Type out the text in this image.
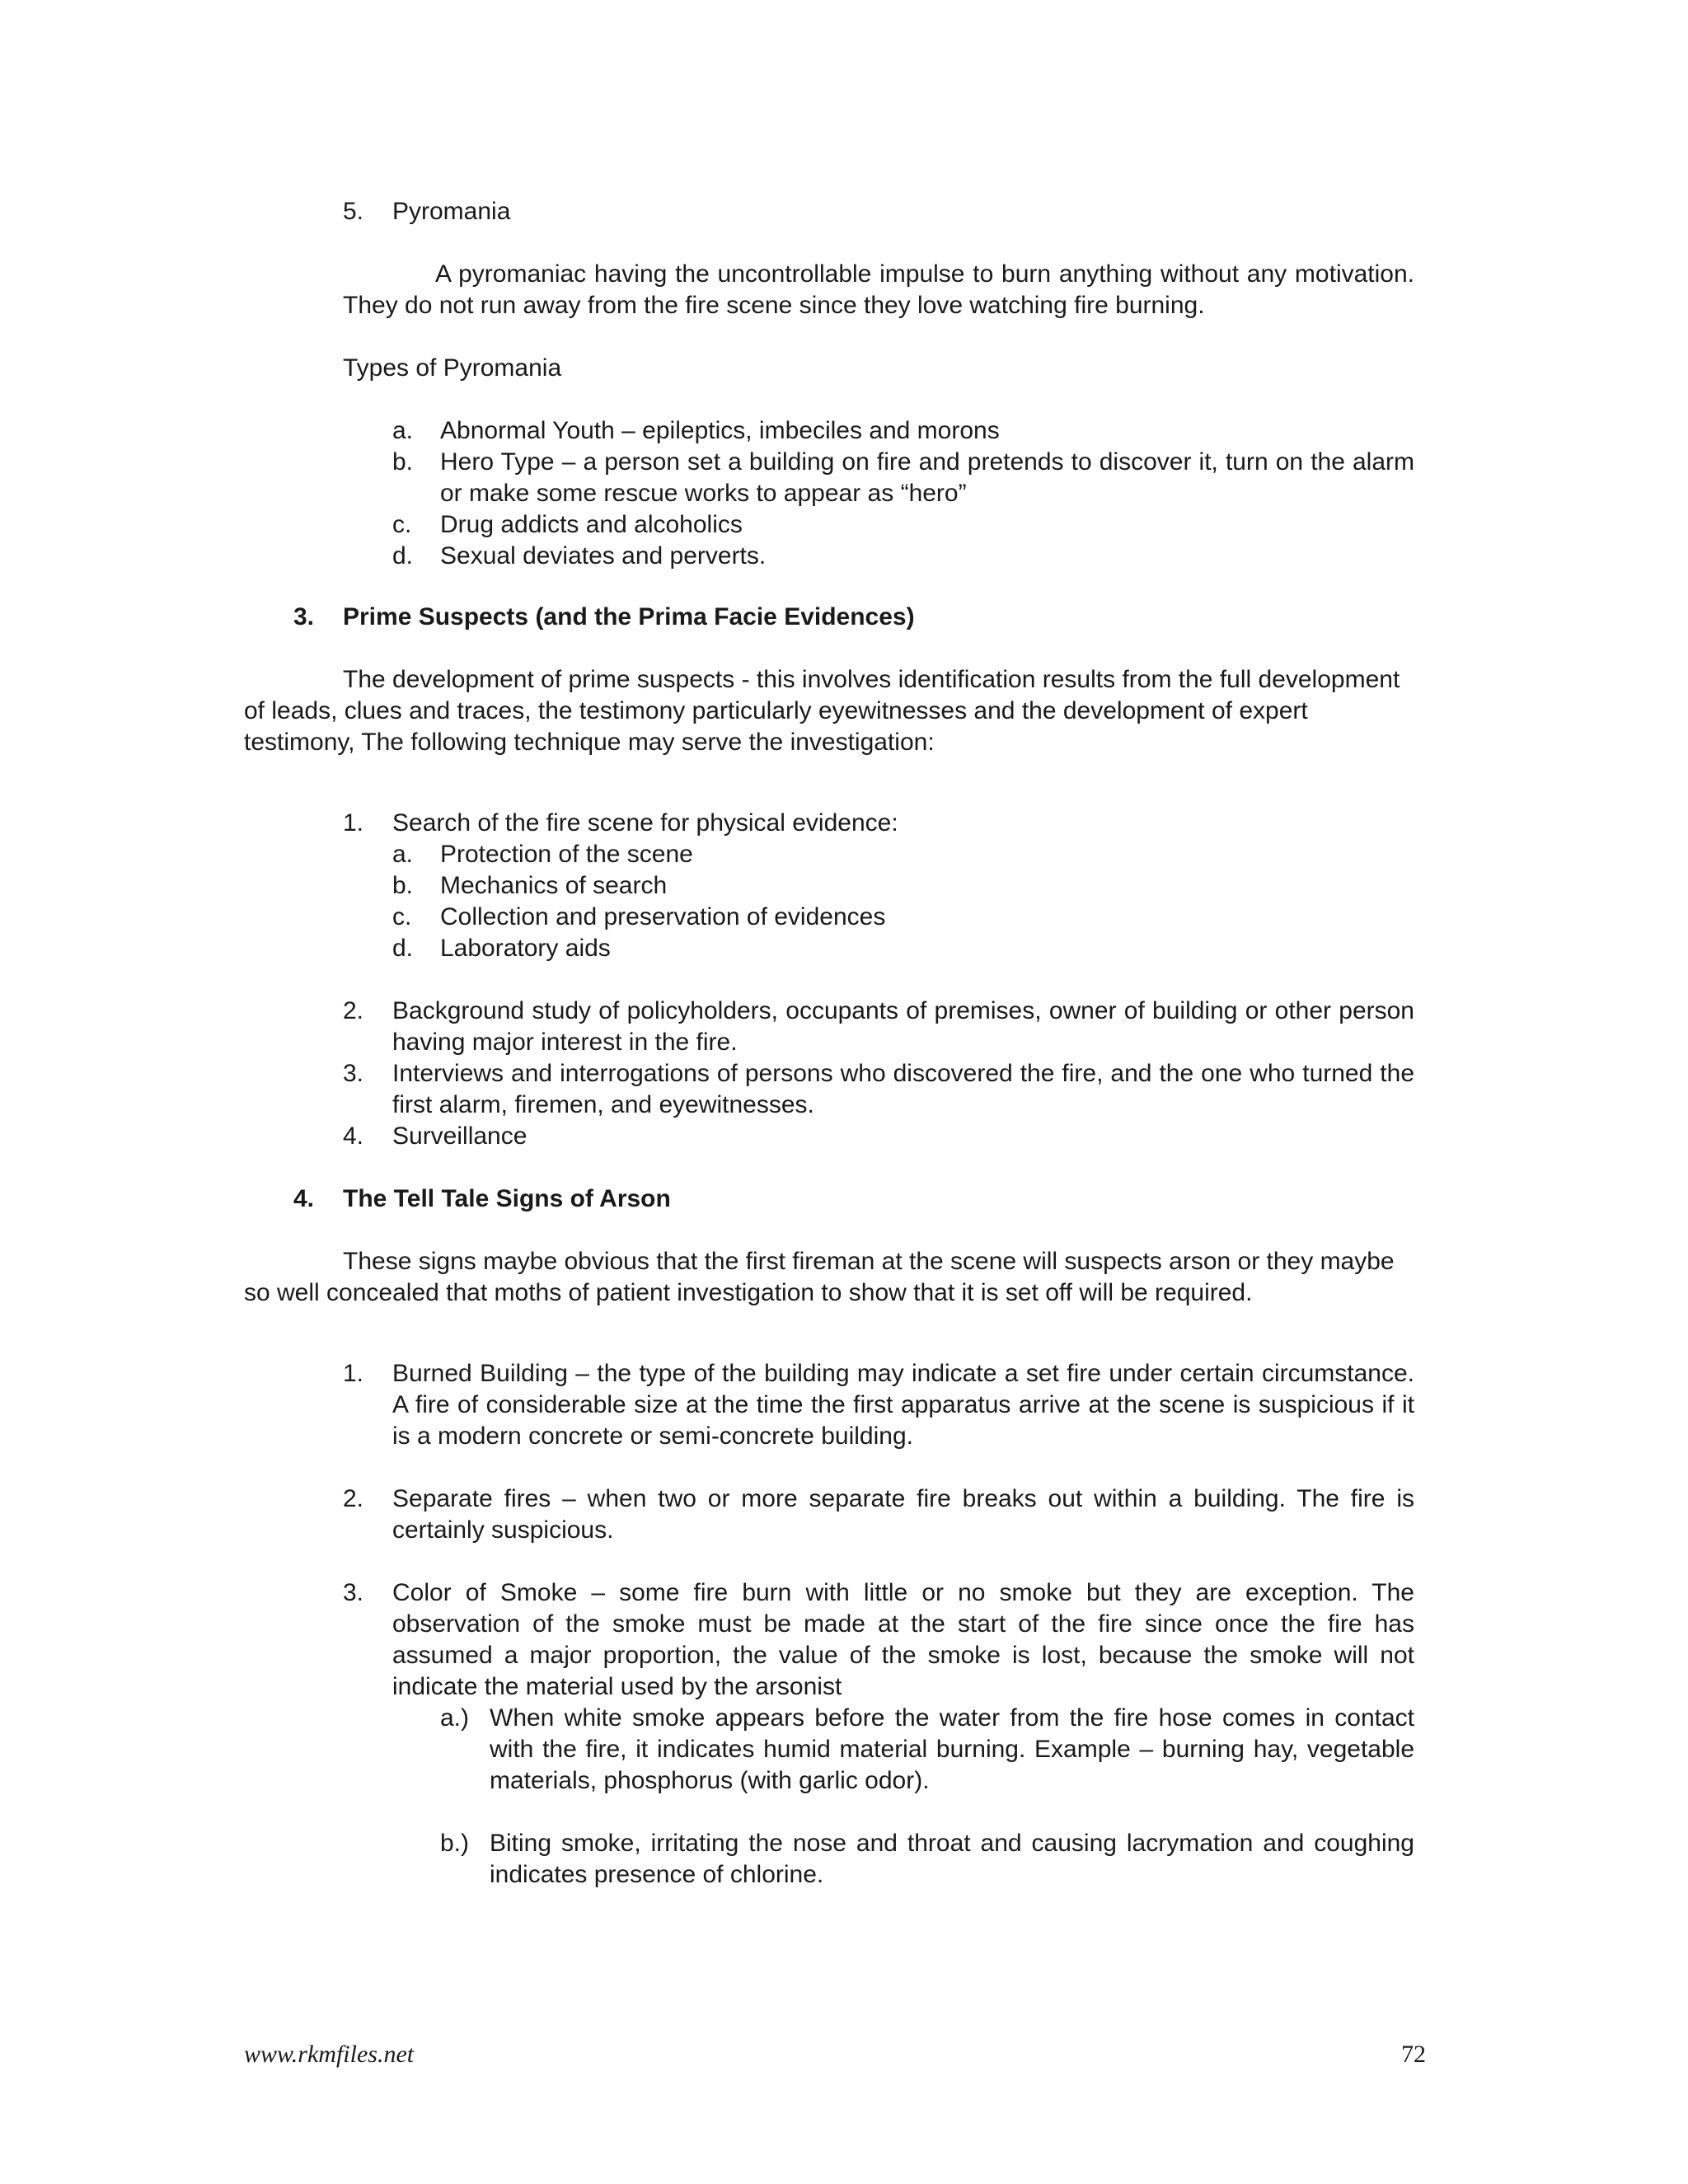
5. Pyromania
A pyromaniac having the uncontrollable impulse to burn anything without any motivation. They do not run away from the fire scene since they love watching fire burning.
Types of Pyromania
a. Abnormal Youth – epileptics, imbeciles and morons
b. Hero Type – a person set a building on fire and pretends to discover it, turn on the alarm or make some rescue works to appear as “hero”
c. Drug addicts and alcoholics
d. Sexual deviates and perverts.
3. Prime Suspects (and the Prima Facie Evidences)
The development of prime suspects - this involves identification results from the full development of leads, clues and traces, the testimony particularly eyewitnesses and the development of expert testimony, The following technique may serve the investigation:
1. Search of the fire scene for physical evidence:
a. Protection of the scene
b. Mechanics of search
c. Collection and preservation of evidences
d. Laboratory aids
2. Background study of policyholders, occupants of premises, owner of building or other person having major interest in the fire.
3. Interviews and interrogations of persons who discovered the fire, and the one who turned the first alarm, firemen, and eyewitnesses.
4. Surveillance
4. The Tell Tale Signs of Arson
These signs maybe obvious that the first fireman at the scene will suspects arson or they maybe so well concealed that moths of patient investigation to show that it is set off will be required.
1. Burned Building – the type of the building may indicate a set fire under certain circumstance. A fire of considerable size at the time the first apparatus arrive at the scene is suspicious if it is a modern concrete or semi-concrete building.
2. Separate fires – when two or more separate fire breaks out within a building. The fire is certainly suspicious.
3. Color of Smoke – some fire burn with little or no smoke but they are exception. The observation of the smoke must be made at the start of the fire since once the fire has assumed a major proportion, the value of the smoke is lost, because the smoke will not indicate the material used by the arsonist
a.) When white smoke appears before the water from the fire hose comes in contact with the fire, it indicates humid material burning. Example – burning hay, vegetable materials, phosphorus (with garlic odor).
b.) Biting smoke, irritating the nose and throat and causing lacrymation and coughing indicates presence of chlorine.
www.rkmfiles.net	72
